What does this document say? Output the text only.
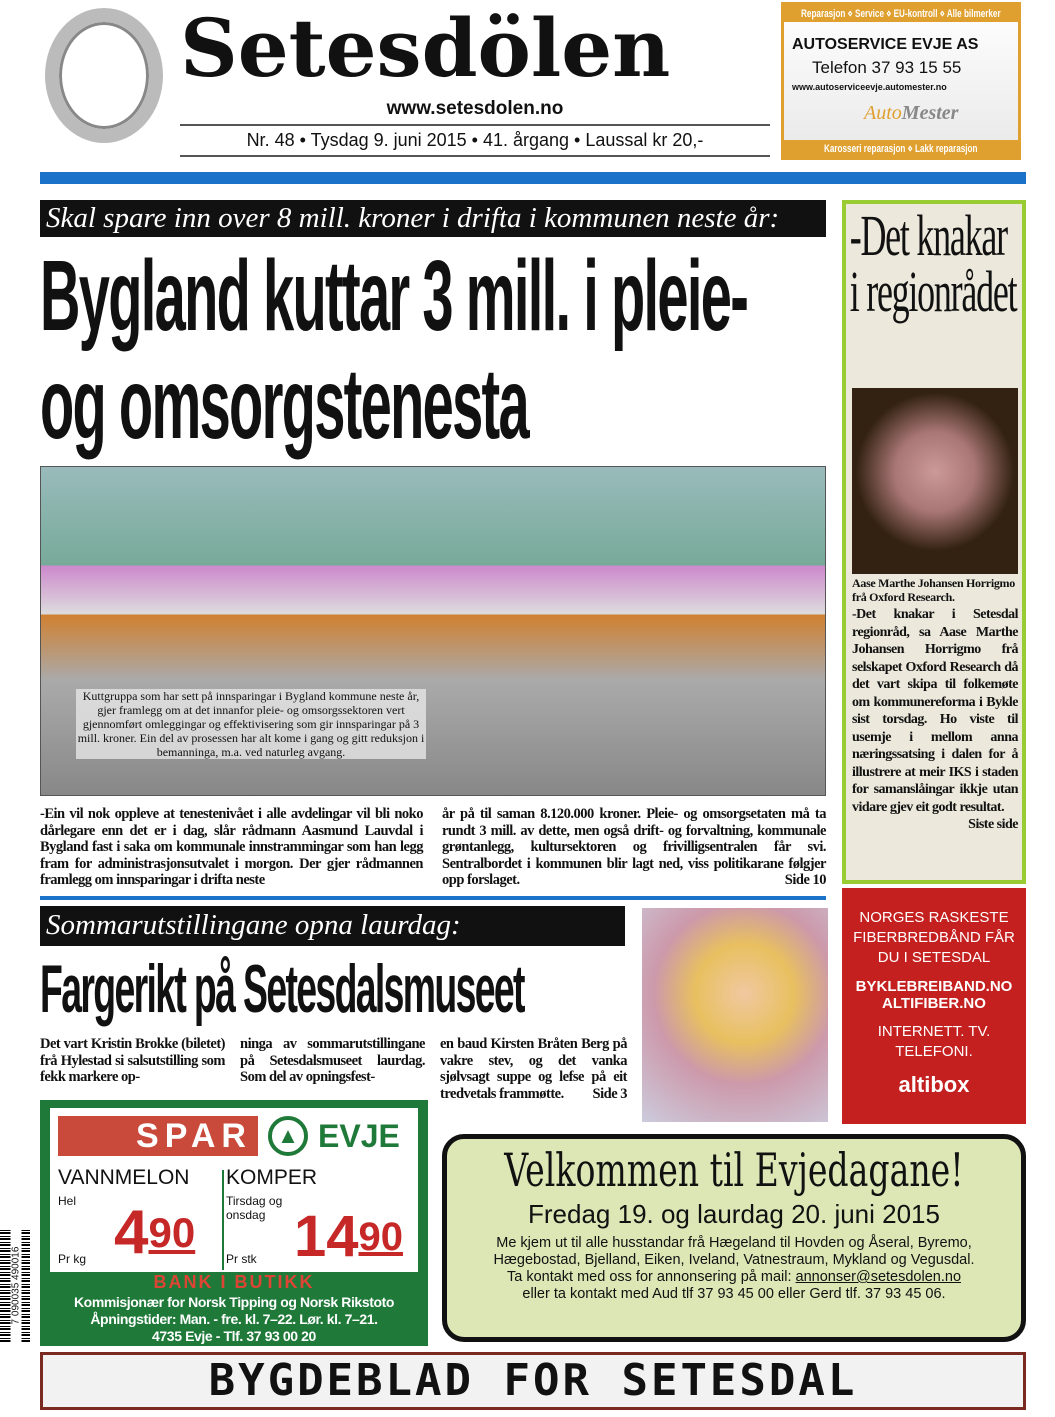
Setesdölen
www.setesdolen.no
Nr. 48 • Tysdag 9. juni 2015 • 41. årgang • Laussal kr 20,-
Reparasjon ⋄ Service ⋄ EU-kontroll ⋄ Alle bilmerker
AUTOSERVICE EVJE AS
Telefon 37 93 15 55
www.autoserviceevje.automester.no
AutoMester
Karosseri reparasjon ⋄ Lakk reparasjon
Skal spare inn over 8 mill. kroner i drifta i kommunen neste år:
Bygland kuttar 3 mill. i pleie- og omsorgstenesta
Kuttgruppa som har sett på innsparingar i Bygland kommune neste år, gjer framlegg om at det innanfor pleie- og omsorgssektoren vert gjennomført omleggingar og effektivisering som gir innsparingar på 3 mill. kroner. Ein del av prosessen har alt kome i gang og gitt reduksjon i bemanninga, m.a. ved naturleg avgang.
-Ein vil nok oppleve at tenestenivået i alle avdelingar vil bli noko dårlegare enn det er i dag, slår rådmann Aasmund Lauvdal i Bygland fast i saka om kommunale innstrammingar som han legg fram for administrasjonsutvalet i morgon. Der gjer rådmannen framlegg om innsparingar i drifta neste
år på til saman 8.120.000 kroner. Pleie- og omsorgsetaten må ta rundt 3 mill. av dette, men også drift- og forvaltning, kommunale grøntanlegg, kultursektoren og frivilligsentralen får svi. Sentralbordet i kommunen blir lagt ned, viss politikarane følgjer opp forslaget.	Side 10
-Det knakar i regionrådet
Aase Marthe Johansen Horrigmo frå Oxford Research.
-Det knakar i Setesdal regionråd, sa Aase Marthe Johansen Horrigmo frå selskapet Oxford Research då det vart skipa til folkemøte om kommunereforma i Bykle sist torsdag. Ho viste til usemje i mellom anna næringssatsing i dalen for å illustrere at meir IKS i staden for samanslåingar ikkje utan vidare gjev eit godt resultat.
Siste side
Sommarutstillingane opna laurdag:
Fargerikt på Setesdalsmuseet
Det vart Kristin Brokke (biletet) frå Hylestad si salsutstilling som fekk markere op-
ninga av sommarutstillingane på Setesdalsmuseet laurdag. Som del av opningsfest-
en baud Kirsten Bråten Berg på vakre stev, og det vanka sjølvsagt suppe og lefse på eit tredvetals frammøtte. Side 3
NORGES RASKESTE FIBERBREDBÅND FÅR DU I SETESDAL
BYKLEBREIBAND.NO
ALTIFIBER.NO
INTERNETT. TV. TELEFONI.
altibox
SPAR	▲ EVJE
VANNMELON
Hel $4^{90}$
Pr kg
KOMPER
Tirsdag og onsdag $14^{90}$
Pr stk
BANK I BUTIKK
Kommisjonær for Norsk Tipping og Norsk Rikstoto
Åpningstider: Man. - fre. kl. 7–22. Lør. kl. 7–21.
4735 Evje - Tlf. 37 93 00 20
7 090035 490016
Velkommen til Evjedagane!
Fredag 19. og laurdag 20. juni 2015
Me kjem ut til alle husstandar frå Hægeland til Hovden og Åseral, Byremo, Hægebostad, Bjelland, Eiken, Iveland, Vatnestraum, Mykland og Vegusdal.
Ta kontakt med oss for annonsering på mail: annonser@setesdolen.no
eller ta kontakt med Aud tlf 37 93 45 00 eller Gerd tlf. 37 93 45 06.
BYGDEBLAD FOR SETESDAL
